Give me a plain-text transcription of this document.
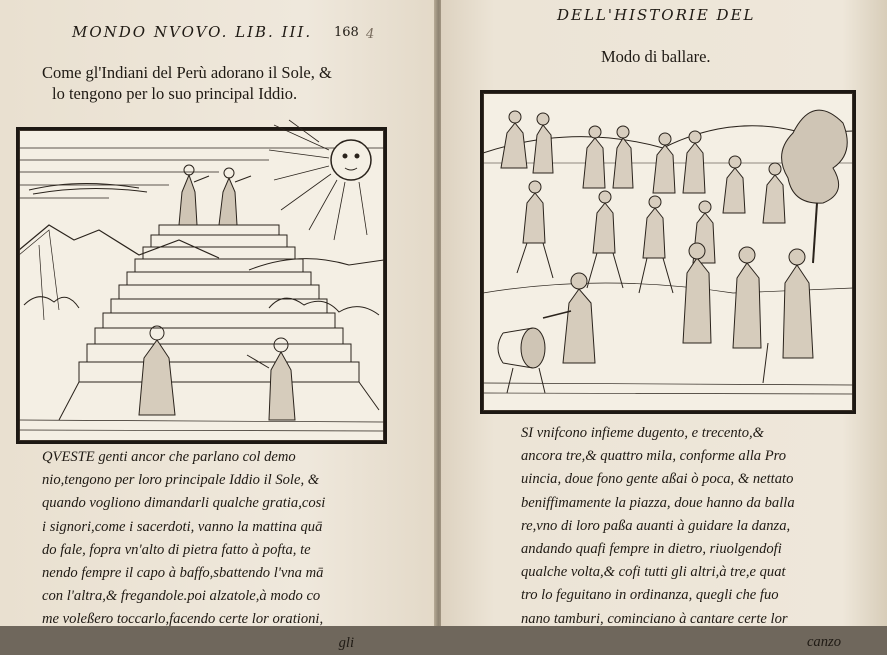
MONDO NVOVO. LIB. III. 168 4
Come gl'Indiani del Perù adorano il Sole, &
lo tengono per lo suo principal Iddio.
QVESTE genti ancor che parlano col demo
nio,tengono per loro principale Iddio il Sole, &
quando vogliono dimandarli qualche gratia,cosi
i signori,come i sacerdoti, vanno la mattina quā
do fale, fopra vn'alto di pietra fatto à pofta, te
nendo fempre il capo à baffo,sbattendo l'vna mā
con l'altra,& fregandole.poi alzatole,à modo co
me voleßero toccarlo,facendo certe lor orationi,
gli
DELL'HISTORIE DEL
Modo di ballare.
SI vnifcono infieme dugento, e trecento,&
ancora tre,& quattro mila, conforme alla Pro
uincia, doue fono gente aßai ò poca, & nettato
beniffimamente la piazza, doue hanno da balla
re,vno di loro paßa auanti à guidare la danza,
andando quafi fempre in dietro, riuolgendofi
qualche volta,& cofi tutti gli altri,à tre,e quat
tro lo feguitano in ordinanza, quegli che fuo
nano tamburi, cominciano à cantare certe lor
canzo
